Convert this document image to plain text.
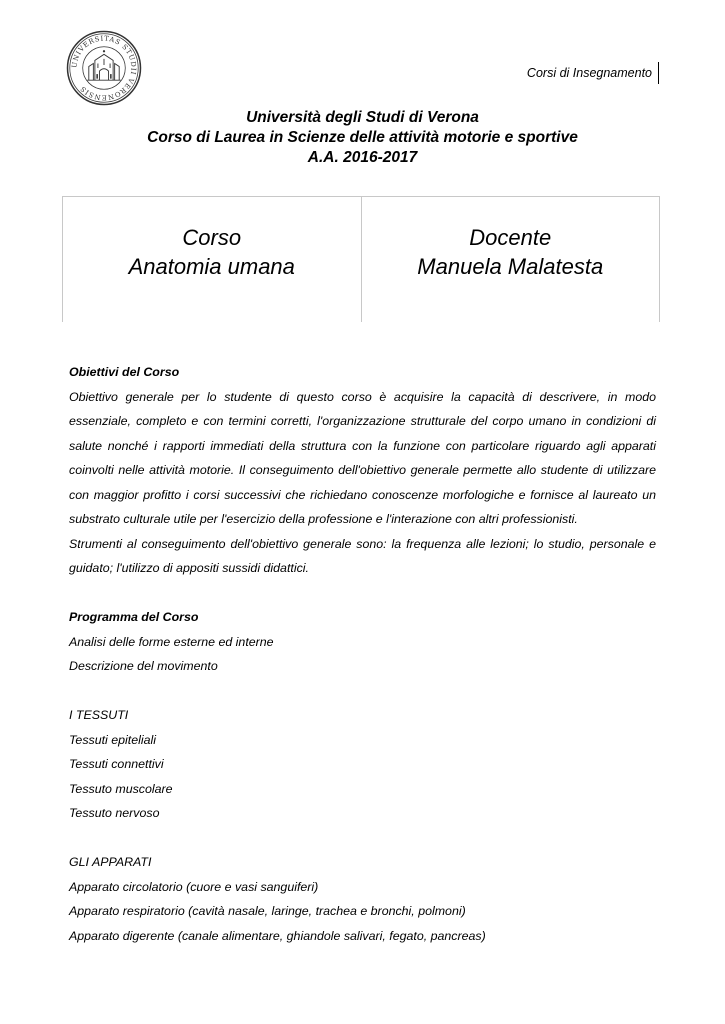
UNIVERSITAS STUDII VERONENSIS
Corsi di Insegnamento
Università degli Studi di Verona
Corso di Laurea in Scienze delle attività motorie e sportive
A.A. 2016-2017
Corso
Anatomia umana
Docente
Manuela Malatesta
Obiettivi del Corso
Obiettivo generale per lo studente di questo corso è acquisire la capacità di descrivere, in modo essenziale, completo e con termini corretti, l'organizzazione strutturale del corpo umano in condizioni di salute nonché i rapporti immediati della struttura con la funzione con particolare riguardo agli apparati coinvolti nelle attività motorie. Il conseguimento dell'obiettivo generale permette allo studente di utilizzare con maggior profitto i corsi successivi che richiedano conoscenze morfologiche e fornisce al laureato un substrato culturale utile per l'esercizio della professione e l'interazione con altri professionisti.
Strumenti al conseguimento dell'obiettivo generale sono: la frequenza alle lezioni; lo studio, personale e guidato; l'utilizzo di appositi sussidi didattici.
Programma del Corso
Analisi delle forme esterne ed interne
Descrizione del movimento
I TESSUTI
Tessuti epiteliali
Tessuti connettivi
Tessuto muscolare
Tessuto nervoso
GLI APPARATI
Apparato circolatorio (cuore e vasi sanguiferi)
Apparato respiratorio (cavità nasale, laringe, trachea e bronchi, polmoni)
Apparato digerente (canale alimentare, ghiandole salivari, fegato, pancreas)
